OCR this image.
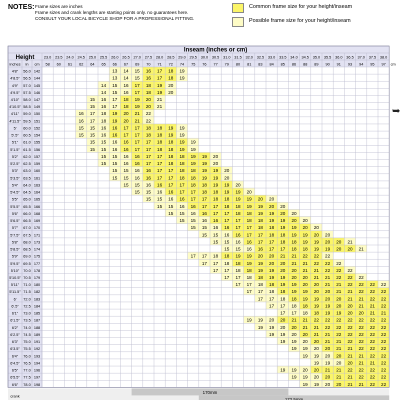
NOTES: Frame sizes are inches
Frame sizes and crank lengths are starting points only. no guarantees here.
CONSULT YOUR LOCAL BICYCLE SHOP FOR A PROFESSIONAL FITTING.
Common frame size for your height/inseam
Possible frame size for your height/inseam
13 14 15 16 17 18 19
13 14 15 16 17 18 19
14 15 16 17 18 19 20
14 15 16 17 18 19 20
15 16 17 18 19 20 21
15 16 17 18 19 20 21
16 17 18 19 20 21 22
16 17 18 19 20 21 22
15 15 16 16 17 17 18 18 19 19
15 15 16 16 17 17 18 18 19 19
15 15 16 16 17 17 18 18 19 19
15 15 16 16 17 17 18 18 19 19
15 15 16 16 17 17 18 18 19 19 20
15 15 16 16 17 17 18 18 19 19 20
15 15 16 16 17 17 18 18 19 19 20
15 15 16 16 17 17 18 18 19 19 20
15 15 16 16 17 17 18 18 19 19 20
15 15 16 16 17 17 18 18 19 19 20
15 15 16 16 17 17 18 18 19 19 20 20
15 15 16 16 17 17 18 18 19 19 20 20
15 15 16 16 17 17 18 18 19 19 20 20
15 15 16 16 17 17 18 18 19 19 20 20
15 15 16 16 17 17 18 18 19 19 20 20
15 15 16 16 17 17 18 18 19 19 20 20
15 15 16 16 17 17 18 18 19 19 20 20 21
15 15 16 16 17 17 18 18 19 19 20 20 21
17 17 18 18 19 19 20 20 21 21 22 22 22
17 17 18 18 19 19 20 20 21 21 22 22 22
17 17 18 18 19 19 20 20 21 21 22 22 22
17 17 18 18 19 19 20 20 21 21 22 22 22
17 17 18 18 19 19 20 20 21 21 22 22 22 22
17 17 18 18 19 19 20 20 21 21 22 22 22
17 17 18 18 19 19 20 20 21 21 22 22
17 17 18 18 19 19 20 20 21 21 22
17 17 18 18 19 19 20 20 21 21
19 19 20 20 21 21 22 22 22 22 22 22 22
19 19 20 20 21 21 22 22 22 22 22 22
19 19 20 20 21 21 22 22 22 22 22
19 19 20 20 21 21 22 22 22 22
19 19 20 20 21 21 22 22 22
19 19 20 20 21 21 22 22
19 19 20 20 21 21 22
19 19 20 20 21 21 22 22 22 22
19 19 20 20 21 21 22 22 22
19 19 20 20 21 21 22 22
170mm
172.5mm
crank
Inseam (inches or cm)
Height
inches in cm
23.0 23.5 24.0 24.5 25.0 25.5 26.0 26.5 27.0 27.5 28.0 28.5 29.0 29.5 30.0 30.5 31.0 31.5 32.0 32.5 33.0 33.5 34.0 34.5 35.0 35.5 36.0 36.5 37.0 37.5 38.0
58 60 61 62 64 65 66 67 69 70 71 72 74 75 76 77 79 80 81 83 84 85 86 88 89 90 91 93 94 95 97 cm
4'8" 56.0 142
4'8.5" 56.5 144
4'9" 57.0 145
4'9.5" 57.5 146
4'10" 58.0 147
4'10.5" 58.5 149
4'11" 59.0 150
4'11.5" 59.5 151
5' 60.0 152
5'.5" 60.5 154
5'1" 61.0 155
5'1.5" 61.5 156
5'2" 62.0 157
5'2.5" 62.5 159
5'3" 63.0 160
5'3.5" 63.5 161
5'4" 64.0 163
5'4.5" 64.5 164
5'5" 65.0 165
5'5.5" 65.5 166
5'6" 66.0 168
5'6.5" 66.5 169
5'7" 67.0 170
5'7.5" 67.5 171
5'8" 68.0 173
5'8.5" 68.5 174
5'9" 69.0 175
5'9.5" 69.5 177
5'10" 70.0 178
5'10.5" 70.5 179
5'11" 71.0 180
5'11.5" 71.5 182
6' 72.0 183
6'.5" 72.5 184
6'1" 73.0 185
6'1.5" 73.5 187
6'2" 74.0 188
6'2.5" 74.5 189
6'3" 75.0 191
6'3.5" 75.5 192
6'4" 76.0 193
6'4.5" 76.5 194
6'5" 77.0 196
6'5.5" 77.5 197
6'6" 78.0 198
➥
